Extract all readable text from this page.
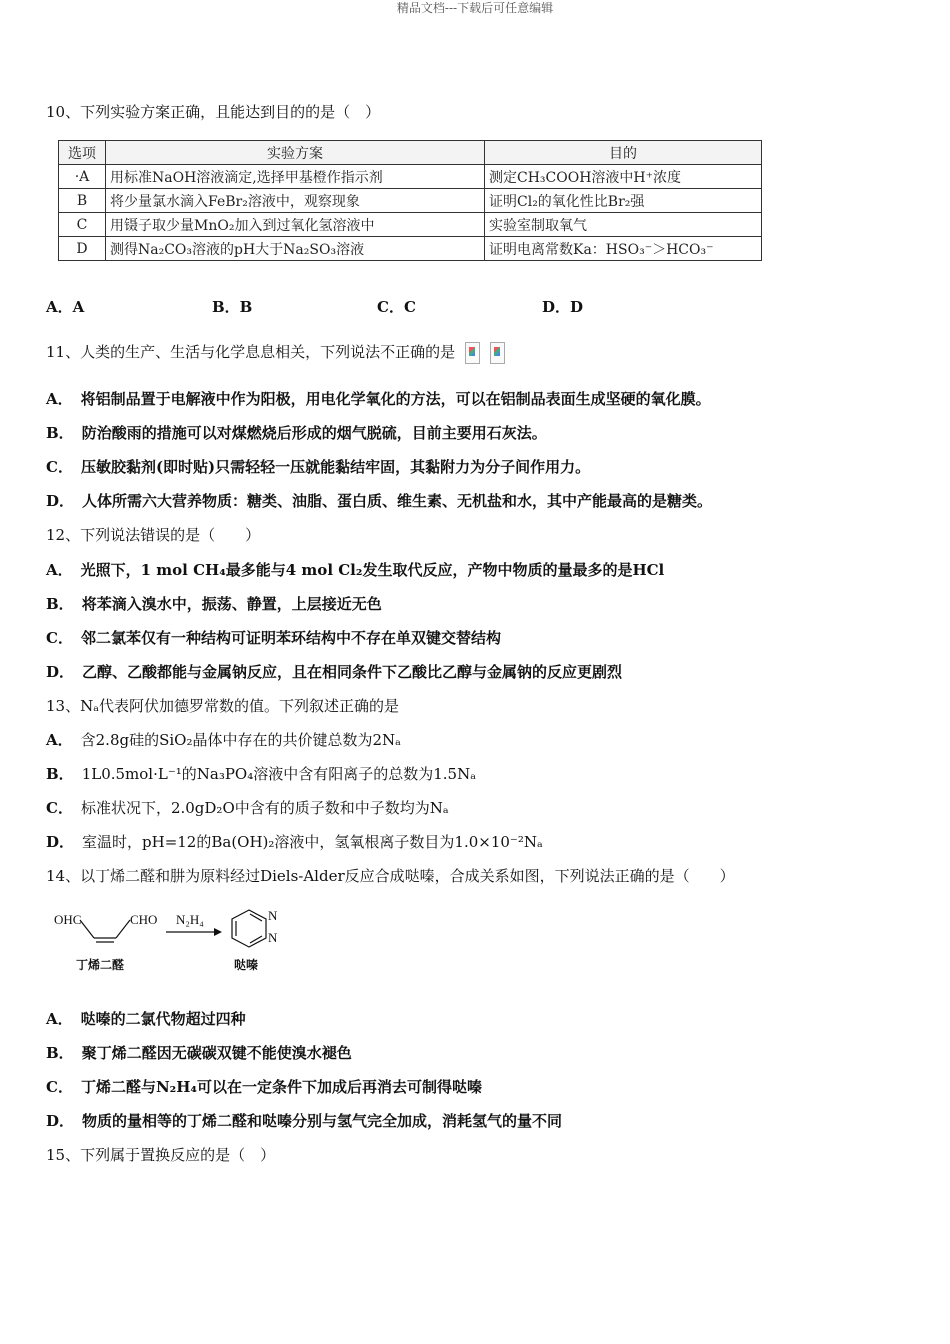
精品文档---下载后可任意编辑
10、下列实验方案正确，且能达到目的的是（　）
选项	实验方案	目的
·A	用标准NaOH溶液滴定,选择甲基橙作指示剂	测定CH₃COOH溶液中H⁺浓度
B	将少量氯水滴入FeBr₂溶液中，观察现象	证明Cl₂的氧化性比Br₂强
C	用镊子取少量MnO₂加入到过氧化氢溶液中	实验室制取氧气
D	测得Na₂CO₃溶液的pH大于Na₂SO₃溶液	证明电离常数Ka：HSO₃⁻＞HCO₃⁻
A．A	B．B	C．C	D．D
11、人类的生产、生活与化学息息相关，下列说法不正确的是
A． 将铝制品置于电解液中作为阳极，用电化学氧化的方法，可以在铝制品表面生成坚硬的氧化膜。
B． 防治酸雨的措施可以对煤燃烧后形成的烟气脱硫，目前主要用石灰法。
C． 压敏胶黏剂(即时贴)只需轻轻一压就能黏结牢固，其黏附力为分子间作用力。
D． 人体所需六大营养物质：糖类、油脂、蛋白质、维生素、无机盐和水，其中产能最高的是糖类。
12、下列说法错误的是（　　）
A． 光照下，1 mol CH₄最多能与4 mol Cl₂发生取代反应，产物中物质的量最多的是HCl
B． 将苯滴入溴水中，振荡、静置，上层接近无色
C． 邻二氯苯仅有一种结构可证明苯环结构中不存在单双键交替结构
D． 乙醇、乙酸都能与金属钠反应，且在相同条件下乙酸比乙醇与金属钠的反应更剧烈
13、Nₐ代表阿伏加德罗常数的值。下列叙述正确的是
A． 含2.8g硅的SiO₂晶体中存在的共价键总数为2Nₐ
B． 1L0.5mol·L⁻¹的Na₃PO₄溶液中含有阳离子的总数为1.5Nₐ
C． 标准状况下，2.0gD₂O中含有的质子数和中子数均为Nₐ
D． 室温时，pH=12的Ba(OH)₂溶液中，氢氧根离子数目为1.0×10⁻²Nₐ
14、以丁烯二醛和肼为原料经过Diels-Alder反应合成哒嗪，合成关系如图，下列说法正确的是（　　）
OHC	CHO N₂H₄	N
N
丁烯二醛	哒嗪
A． 哒嗪的二氯代物超过四种
B． 聚丁烯二醛因无碳碳双键不能使溴水褪色
C． 丁烯二醛与N₂H₄可以在一定条件下加成后再消去可制得哒嗪
D． 物质的量相等的丁烯二醛和哒嗪分别与氢气完全加成，消耗氢气的量不同
15、下列属于置换反应的是（　）
